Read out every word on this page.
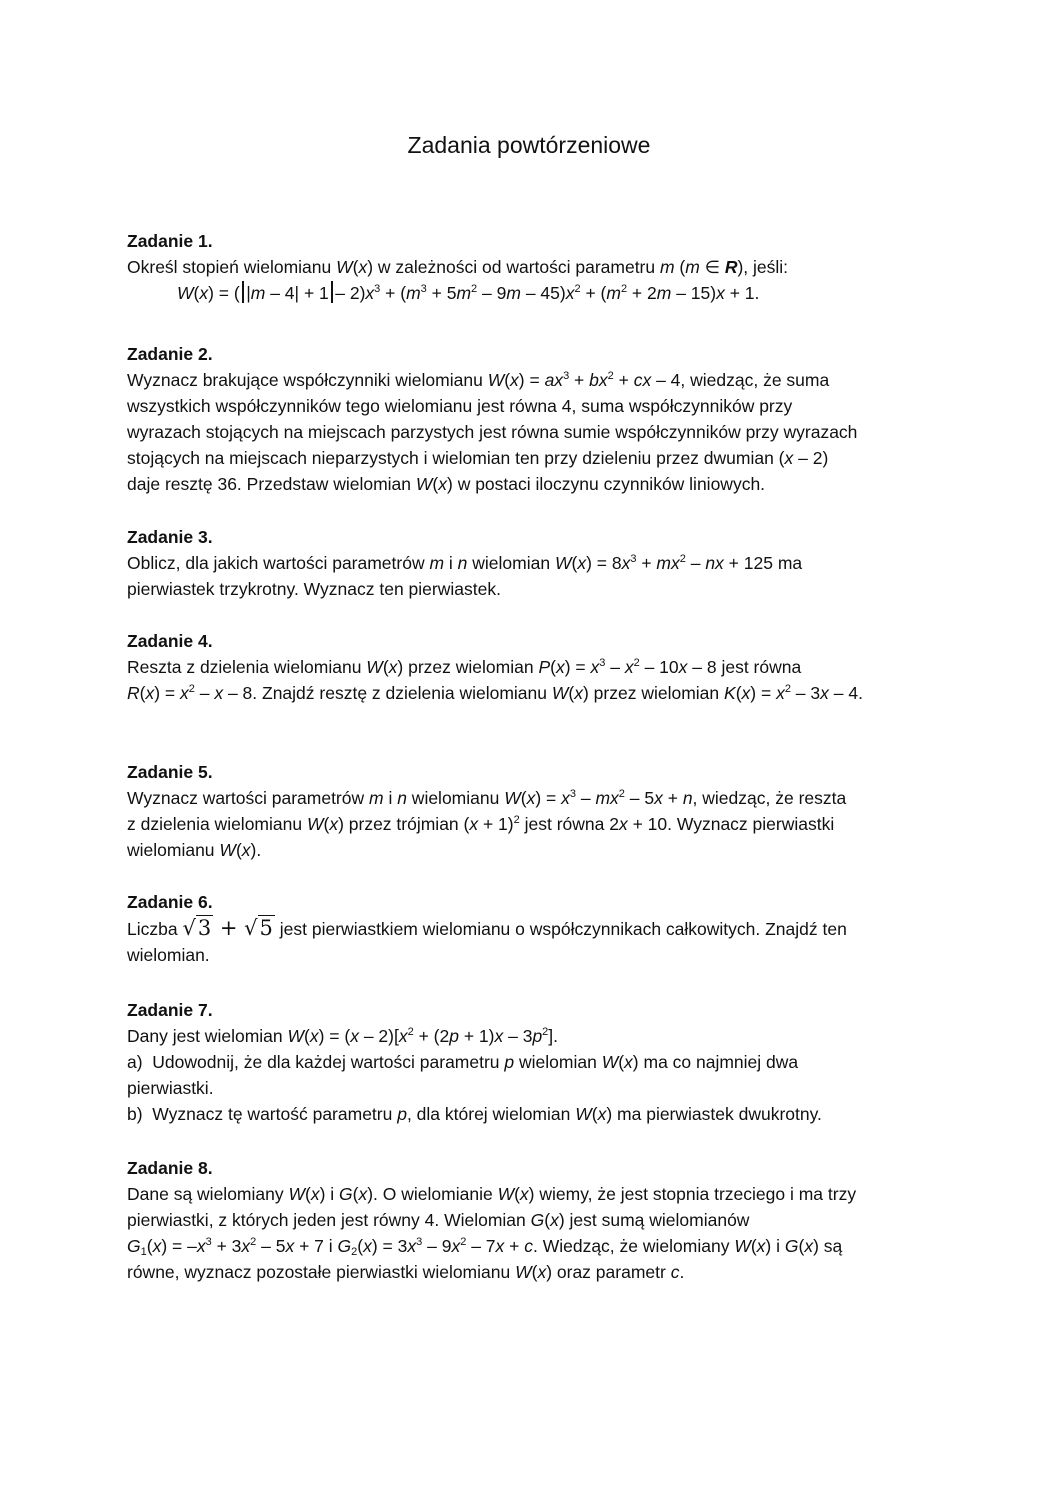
Zadania powtórzeniowe
Zadanie 1.
Określ stopień wielomianu W(x) w zależności od wartości parametru m (m ∈ R), jeśli:
W(x) = ( $|m - 4| + 1 - 2)x^3 + (m^3 + 5m^2 - 9m - 45)x^2 + (m^2 + 2m - 15)x + 1$.
Zadanie 2.
Wyznacz brakujące współczynniki wielomianu $W(x) = ax^3 + bx^2$ + cx – 4, wiedząc, że suma
wszystkich współczynników tego wielomianu jest równa 4, suma współczynników przy
wyrazach stojących na miejscach parzystych jest równa sumie współczynników przy wyrazach
stojących na miejscach nieparzystych i wielomian ten przy dzieleniu przez dwumian (x – 2)
daje resztę 36. Przedstaw wielomian W(x) w postaci iloczynu czynników liniowych.
Zadanie 3.
Oblicz, dla jakich wartości parametrów m i n wielomian $W(x) = 8x^3 + mx^2$ – nx + 125 ma
pierwiastek trzykrotny. Wyznacz ten pierwiastek.
Zadanie 4.
Reszta z dzielenia wielomianu W(x) przez wielomian $P(x) = x^3 - x^2 - 10x - 8$ jest równa
$R(x) = x^2 - x - 8$. Znajdź resztę z dzielenia wielomianu W(x) przez wielomian $K(x) = x^2 - 3x - 4$.
Zadanie 5.
Wyznacz wartości parametrów m i n wielomianu $W(x) = x^3 - mx^2 - 5x + n$, wiedząc, że reszta
z dzielenia wielomianu W(x) przez trójmian $(x + 1)^2$ jest równa 2x + 10. Wyznacz pierwiastki
wielomianu W(x).
Zadanie 6.
Liczba √3 + √5 jest pierwiastkiem wielomianu o współczynnikach całkowitych. Znajdź ten
wielomian.
Zadanie 7.
Dany jest wielomian $W(x) = (x - 2)[x^2 + (2p + 1)x - 3p^2]$.
a)  Udowodnij, że dla każdej wartości parametru p wielomian W(x) ma co najmniej dwa
pierwiastki.
b)  Wyznacz tę wartość parametru p, dla której wielomian W(x) ma pierwiastek dwukrotny.
Zadanie 8.
Dane są wielomiany W(x) i G(x). O wielomianie W(x) wiemy, że jest stopnia trzeciego i ma trzy
pierwiastki, z których jeden jest równy 4. Wielomian G(x) jest sumą wielomianów
$G_1(x) = -x^3 + 3x^2 - 5x + 7$ i $G_2(x) = 3x^3 - 9x^2 - 7x + c$. Wiedząc, że wielomiany W(x) i G(x) są
równe, wyznacz pozostałe pierwiastki wielomianu W(x) oraz parametr c.
